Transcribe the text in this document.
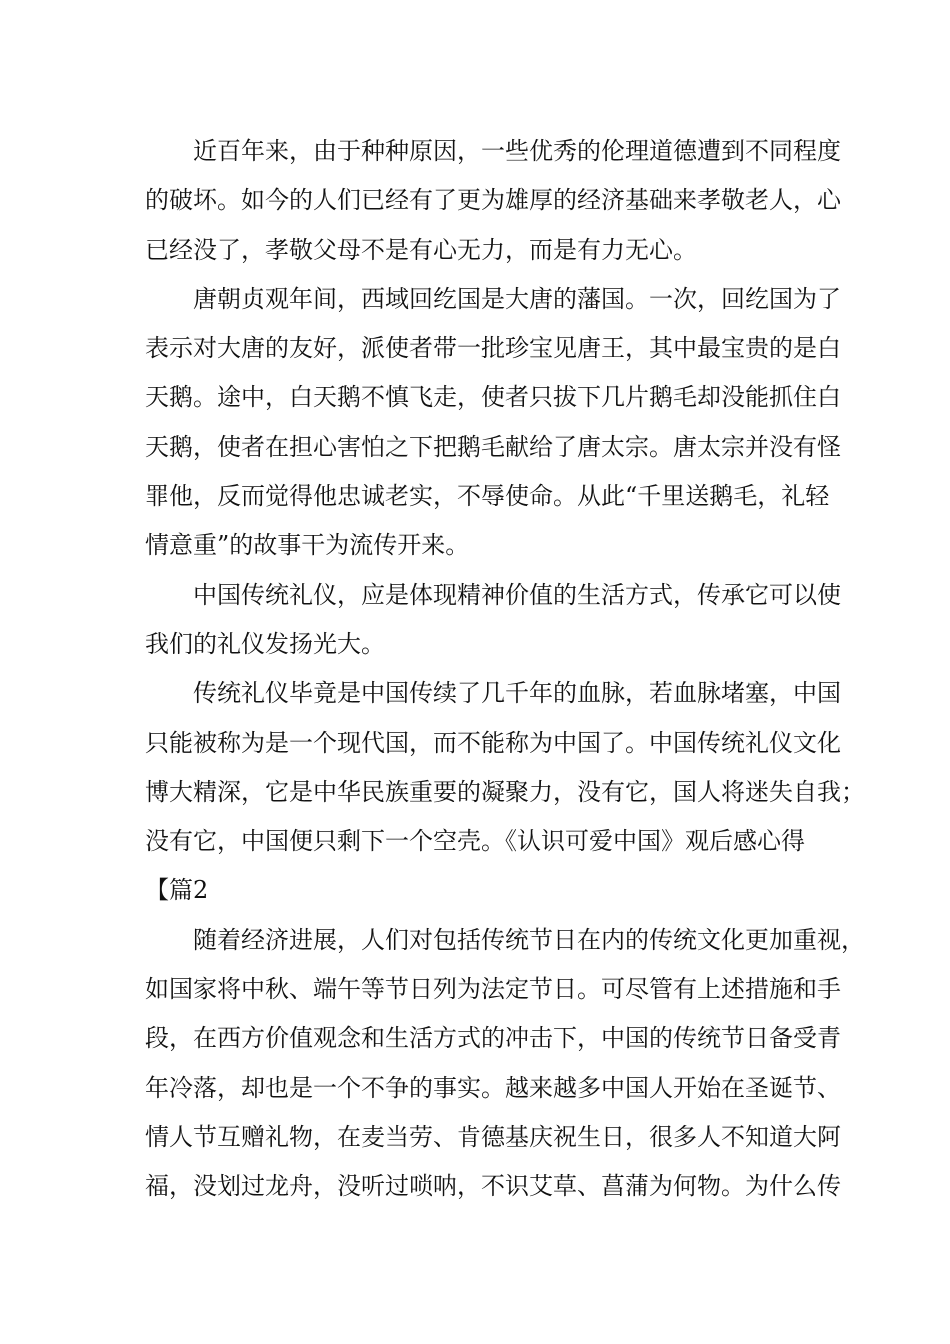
　　近百年来，由于种种原因，一些优秀的伦理道德遭到不同程度
的破坏。如今的人们已经有了更为雄厚的经济基础来孝敬老人，心
已经没了，孝敬父母不是有心无力，而是有力无心。
　　唐朝贞观年间，西域回纥国是大唐的藩国。一次，回纥国为了
表示对大唐的友好，派使者带一批珍宝见唐王，其中最宝贵的是白
天鹅。途中，白天鹅不慎飞走，使者只拔下几片鹅毛却没能抓住白
天鹅，使者在担心害怕之下把鹅毛献给了唐太宗。唐太宗并没有怪
罪他，反而觉得他忠诚老实，不辱使命。从此“千里送鹅毛，礼轻
情意重”的故事干为流传开来。
　　中国传统礼仪，应是体现精神价值的生活方式，传承它可以使
我们的礼仪发扬光大。
　　传统礼仪毕竟是中国传续了几千年的血脉，若血脉堵塞，中国
只能被称为是一个现代国，而不能称为中国了。中国传统礼仪文化
博大精深，它是中华民族重要的凝聚力，没有它，国人将迷失自我；
没有它，中国便只剩下一个空壳。《认识可爱中国》观后感心得
【篇2
　　随着经济进展，人们对包括传统节日在内的传统文化更加重视，
如国家将中秋、端午等节日列为法定节日。可尽管有上述措施和手
段，在西方价值观念和生活方式的冲击下，中国的传统节日备受青
年冷落，却也是一个不争的事实。越来越多中国人开始在圣诞节、
情人节互赠礼物，在麦当劳、肯德基庆祝生日，很多人不知道大阿
福，没划过龙舟，没听过唢呐，不识艾草、菖蒲为何物。为什么传
